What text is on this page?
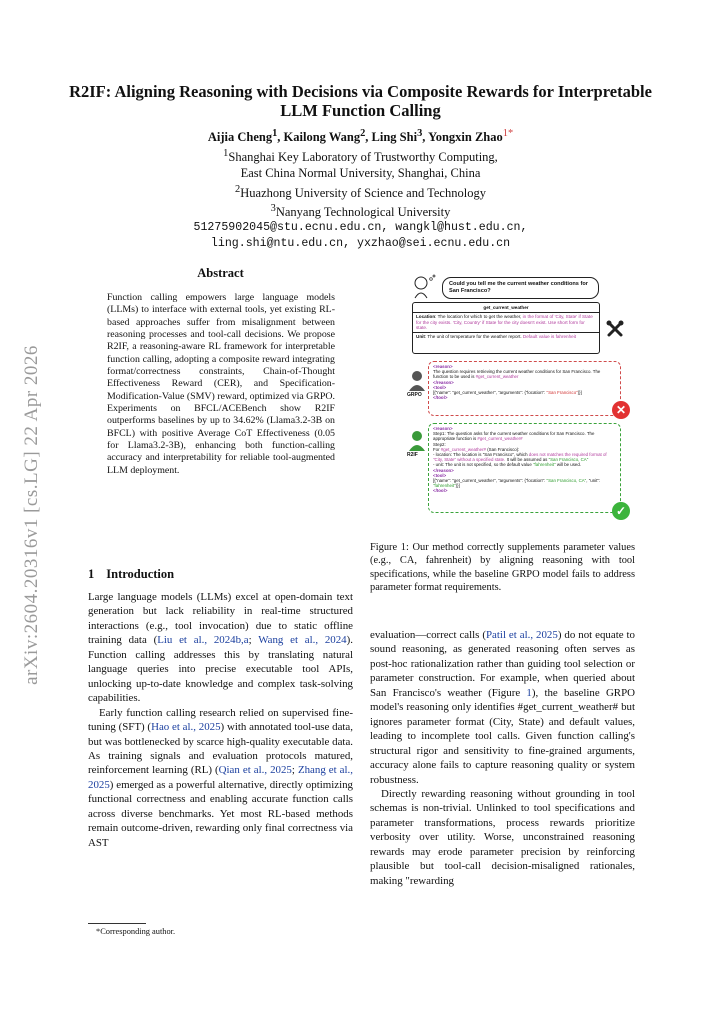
arXiv:2604.20316v1 [cs.LG] 22 Apr 2026
R2IF: Aligning Reasoning with Decisions via Composite Rewards for Interpretable LLM Function Calling
Aijia Cheng$^1$, Kailong Wang$^2$, Ling Shi$^3$, Yongxin Zhao$^{1*}$
$^1$Shanghai Key Laboratory of Trustworthy Computing,
East China Normal University, Shanghai, China
$^2$Huazhong University of Science and Technology
$^3$Nanyang Technological University
51275902045@stu.ecnu.edu.cn, wangkl@hust.edu.cn,
ling.shi@ntu.edu.cn, yxzhao@sei.ecnu.edu.cn
Abstract
Function calling empowers large language models (LLMs) to interface with external tools, yet existing RL-based approaches suffer from misalignment between reasoning processes and tool-call decisions. We propose R2IF, a reasoning-aware RL framework for interpretable function calling, adopting a composite reward integrating format/correctness constraints, Chain-of-Thought Effectiveness Reward (CER), and Specification-Modification-Value (SMV) reward, optimized via GRPO. Experiments on BFCL/ACEBench show R2IF outperforms baselines by up to 34.62% (Llama3.2-3B on BFCL) with positive Average CoT Effectiveness (0.05 for Llama3.2-3B), enhancing both function-calling accuracy and interpretability for reliable tool-augmented LLM deployment.
1 Introduction

Large language models (LLMs) excel at open-domain text generation but lack reliability in real-time structured interactions (e.g., tool invocation) due to static offline training data (Liu et al., 2024b,a; Wang et al., 2024). Function calling addresses this by translating natural language queries into precise executable tool APIs, unlocking up-to-date knowledge and complex task-solving capabilities.

Early function calling research relied on supervised fine-tuning (SFT) (Hao et al., 2025) with annotated tool-use data, but was bottlenecked by scarce high-quality executable data. As training signals and evaluation protocols matured, reinforcement learning (RL) (Qian et al., 2025; Zhang et al., 2025) emerged as a powerful alternative, directly optimizing functional correctness and enabling accurate function calls across diverse benchmarks. Yet most RL-based methods remain outcome-driven, rewarding only final correctness via AST

*Corresponding author.
Could you tell me the current weather conditions for San Francisco?
get_current_weather
Location: The location for which to get the weather, in the format of 'City, State' if State for the city exists. 'City, Country' if State for the city doesn't exist. Use short form for state.
Unit: The unit of temperature for the weather report. Default value is fahrenheit
GRPO
<reason>
The question requires retrieving the current weather conditions for San Francisco. The function to be used is #get_current_weather
</reason>
<tool>
[{"name": "get_current_weather", "arguments": {"location": "San Francisco"}}]
</tool>
✕
R2IF
<reason>
Step1: The question asks for the current weather conditions for San Francisco. The appropriate function is #get_current_weather#
Step2:
For #get_current_weather# (San Francisco):
- location: The location is "San Francisco", which does not matches the required format of "City, State" without a specified state. It will be assumed as "San Francisco, CA"
- unit: The unit is not specified, so the default value "fahrenheit" will be used.
</reason>
<tool>
[{"name": "get_current_weather", "arguments": {"location": "San Francisco, CA", "unit": "fahrenheit"}}]
</tool>
✓
Figure 1: Our method correctly supplements parameter values (e.g., CA, fahrenheit) by aligning reasoning with tool specifications, while the baseline GRPO model fails to address parameter format requirements.

evaluation—correct calls (Patil et al., 2025) do not equate to sound reasoning, as generated reasoning often serves as post-hoc rationalization rather than guiding tool selection or parameter construction. For example, when queried about San Francisco's weather (Figure 1), the baseline GRPO model's reasoning only identifies #get_current_weather# but ignores parameter format (City, State) and default values, leading to incomplete tool calls. Given function calling's structural rigor and sensitivity to fine-grained arguments, accuracy alone fails to capture reasoning quality or system robustness.

Directly rewarding reasoning without grounding in tool schemas is non-trivial. Unlinked to tool specifications and parameter transformations, process rewards prioritize verbosity over utility. Worse, unconstrained reasoning rewards may erode parameter precision by reinforcing plausible but tool-call decision-misaligned rationales, making "rewarding
